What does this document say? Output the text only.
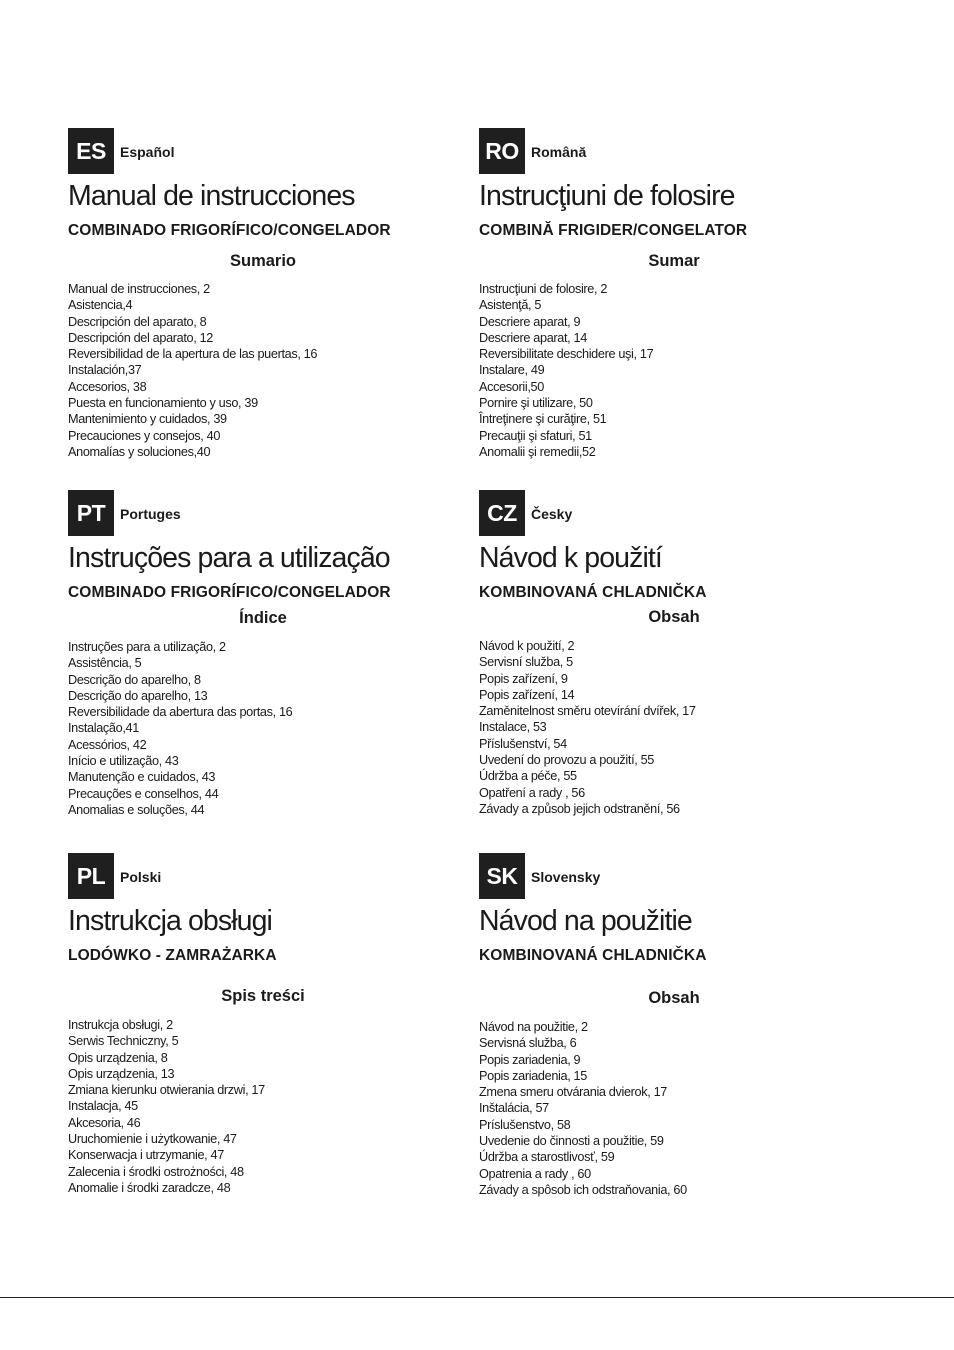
ES	Español
Manual de instrucciones
COMBINADO FRIGORÍFICO/CONGELADOR
Sumario
Manual de instrucciones, 2
Asistencia,4
Descripción del aparato, 8
Descripción del aparato, 12
Reversibilidad de la apertura de las puertas, 16
Instalación,37
Accesorios, 38
Puesta en funcionamiento y uso, 39
Mantenimiento y cuidados, 39
Precauciones y consejos, 40
Anomalías y soluciones,40
RO Română
Instrucţiuni de folosire
COMBINĂ FRIGIDER/CONGELATOR
Sumar
Instrucţiuni de folosire, 2
Asistenţă, 5
Descriere aparat, 9
Descriere aparat, 14
Reversibilitate deschidere uşi, 17
Instalare, 49
Accesorii,50
Pornire şi utilizare, 50
Întreţinere şi curăţire, 51
Precauţii şi sfaturi, 51
Anomalii şi remedii,52
PT	Portuges
Instruções para a utilização
COMBINADO FRIGORÍFICO/CONGELADOR
Índice
Instruções para a utilização, 2
Assistência, 5
Descrição do aparelho, 8
Descrição do aparelho, 13
Reversibilidade da abertura das portas, 16
Instalação,41
Acessórios, 42
Início e utilização, 43
Manutenção e cuidados, 43
Precauções e conselhos, 44
Anomalias e soluções, 44
CZ	Česky
Návod k použití
KOMBINOVANÁ CHLADNIČKA
Obsah
Návod k použití, 2
Servisní služba, 5
Popis zařízení, 9
Popis zařízení, 14
Zaměnitelnost směru otevírání dvířek, 17
Instalace, 53
Příslušenství, 54
Uvedení do provozu a použití, 55
Údržba a péče, 55
Opatření a rady , 56
Závady a způsob jejich odstranění, 56
PL	Polski
Instrukcja obsługi
LODÓWKO - ZAMRAŻARKA
Spis treści
Instrukcja obsługi, 2
Serwis Techniczny, 5
Opis urządzenia, 8
Opis urządzenia, 13
Zmiana kierunku otwierania drzwi, 17
Instalacja, 45
Akcesoria, 46
Uruchomienie i użytkowanie, 47
Konserwacja i utrzymanie, 47
Zalecenia i środki ostrożności, 48
Anomalie i środki zaradcze, 48
SK Slovensky
Návod na použitie
KOMBINOVANÁ CHLADNIČKA
Obsah
Návod na použitie, 2
Servisná služba, 6
Popis zariadenia, 9
Popis zariadenia, 15
Zmena smeru otvárania dvierok, 17
Inštalácia, 57
Príslušenstvo, 58
Uvedenie do činnosti a použitie, 59
Údržba a starostlivosť, 59
Opatrenia a rady , 60
Závady a spôsob ich odstraňovania, 60
